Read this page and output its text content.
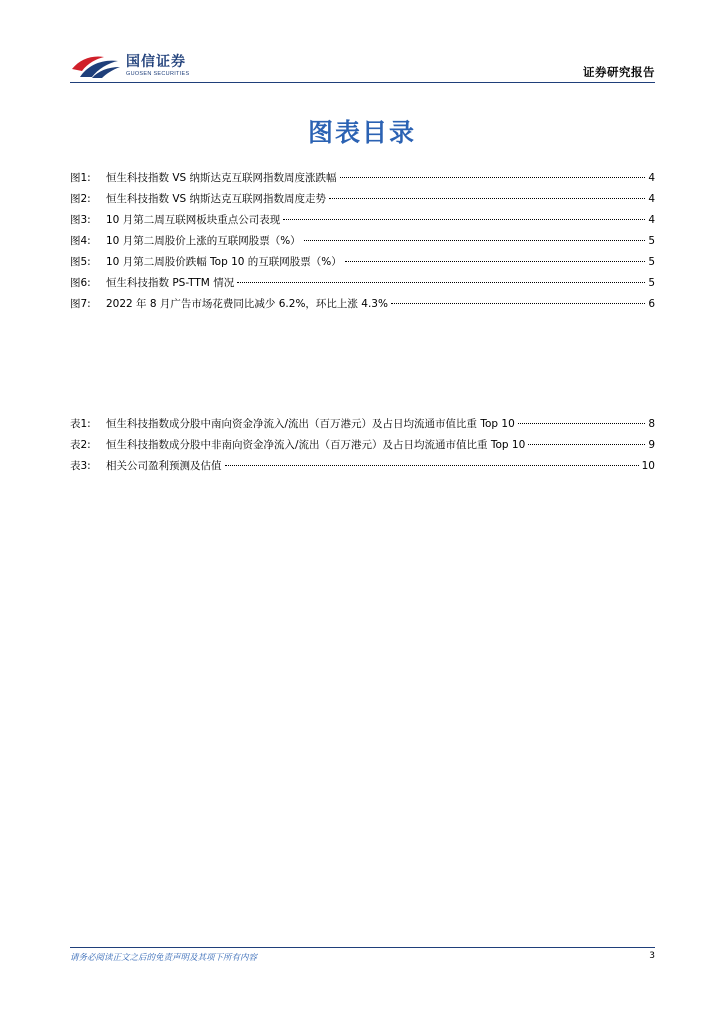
国信证券
GUOSEN SECURITIES	证券研究报告
图表目录
图1:	恒生科技指数 VS 纳斯达克互联网指数周度涨跌幅	4
图2:	恒生科技指数 VS 纳斯达克互联网指数周度走势	4
图3:	10 月第二周互联网板块重点公司表现	4
图4:	10 月第二周股价上涨的互联网股票（%）	5
图5:	10 月第二周股价跌幅 Top 10 的互联网股票（%）	5
图6:	恒生科技指数 PS-TTM 情况	5
图7:	2022 年 8 月广告市场花费同比减少 6.2%，环比上涨 4.3%	6
表1:	恒生科技指数成分股中南向资金净流入/流出（百万港元）及占日均流通市值比重 Top 10	8
表2:	恒生科技指数成分股中非南向资金净流入/流出（百万港元）及占日均流通市值比重 Top 10	9
表3:	相关公司盈利预测及估值	10
请务必阅读正文之后的免责声明及其项下所有内容	3
